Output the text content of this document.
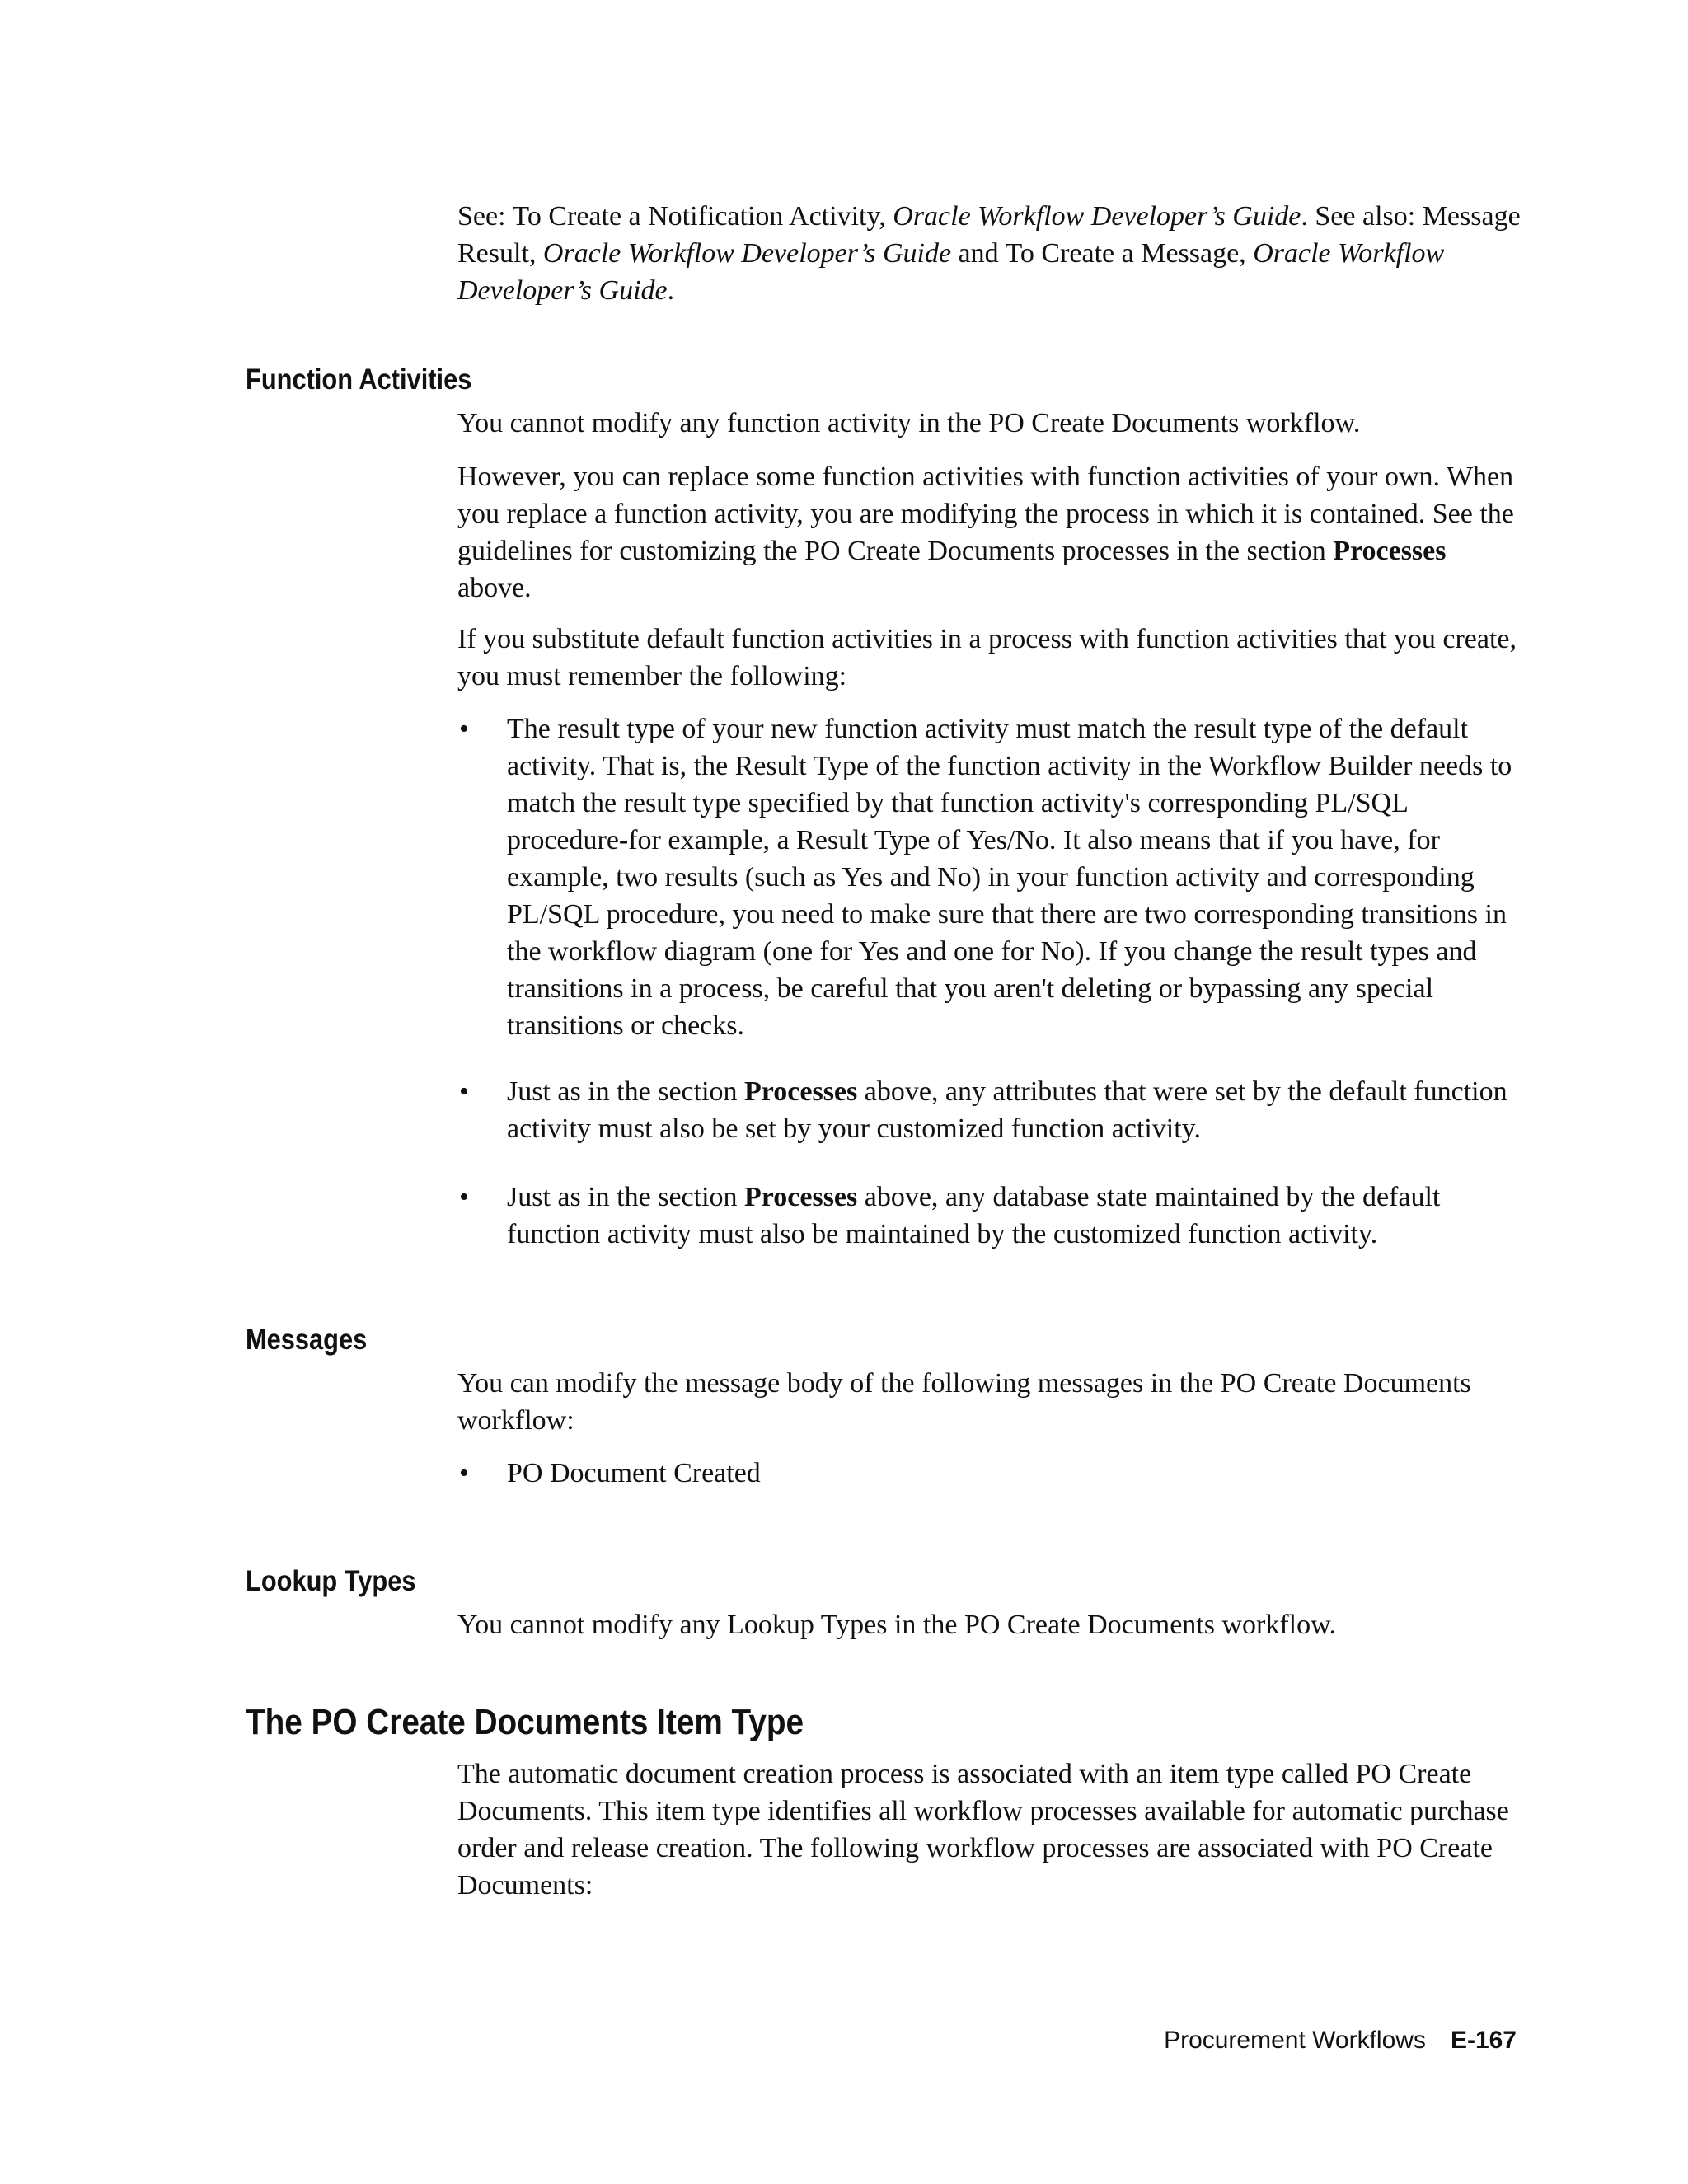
See: To Create a Notification Activity, Oracle Workflow Developer’s Guide. See also: Message Result, Oracle Workflow Developer’s Guide and To Create a Message, Oracle Workflow Developer’s Guide.

Function Activities

You cannot modify any function activity in the PO Create Documents workflow.

However, you can replace some function activities with function activities of your own. When you replace a function activity, you are modifying the process in which it is contained. See the guidelines for customizing the PO Create Documents processes in the section Processes above.

If you substitute default function activities in a process with function activities that you create, you must remember the following:

• The result type of your new function activity must match the result type of the default activity. That is, the Result Type of the function activity in the Workflow Builder needs to match the result type specified by that function activity's corresponding PL/SQL procedure-for example, a Result Type of Yes/No. It also means that if you have, for example, two results (such as Yes and No) in your function activity and corresponding PL/SQL procedure, you need to make sure that there are two corresponding transitions in the workflow diagram (one for Yes and one for No). If you change the result types and transitions in a process, be careful that you aren't deleting or bypassing any special transitions or checks.
• Just as in the section Processes above, any attributes that were set by the default function activity must also be set by your customized function activity.
• Just as in the section Processes above, any database state maintained by the default function activity must also be maintained by the customized function activity.
Messages

You can modify the message body of the following messages in the PO Create Documents workflow:

• PO Document Created
Lookup Types

You cannot modify any Lookup Types in the PO Create Documents workflow.

The PO Create Documents Item Type

The automatic document creation process is associated with an item type called PO Create Documents. This item type identifies all workflow processes available for automatic purchase order and release creation. The following workflow processes are associated with PO Create Documents:

Procurement Workflows E-167
